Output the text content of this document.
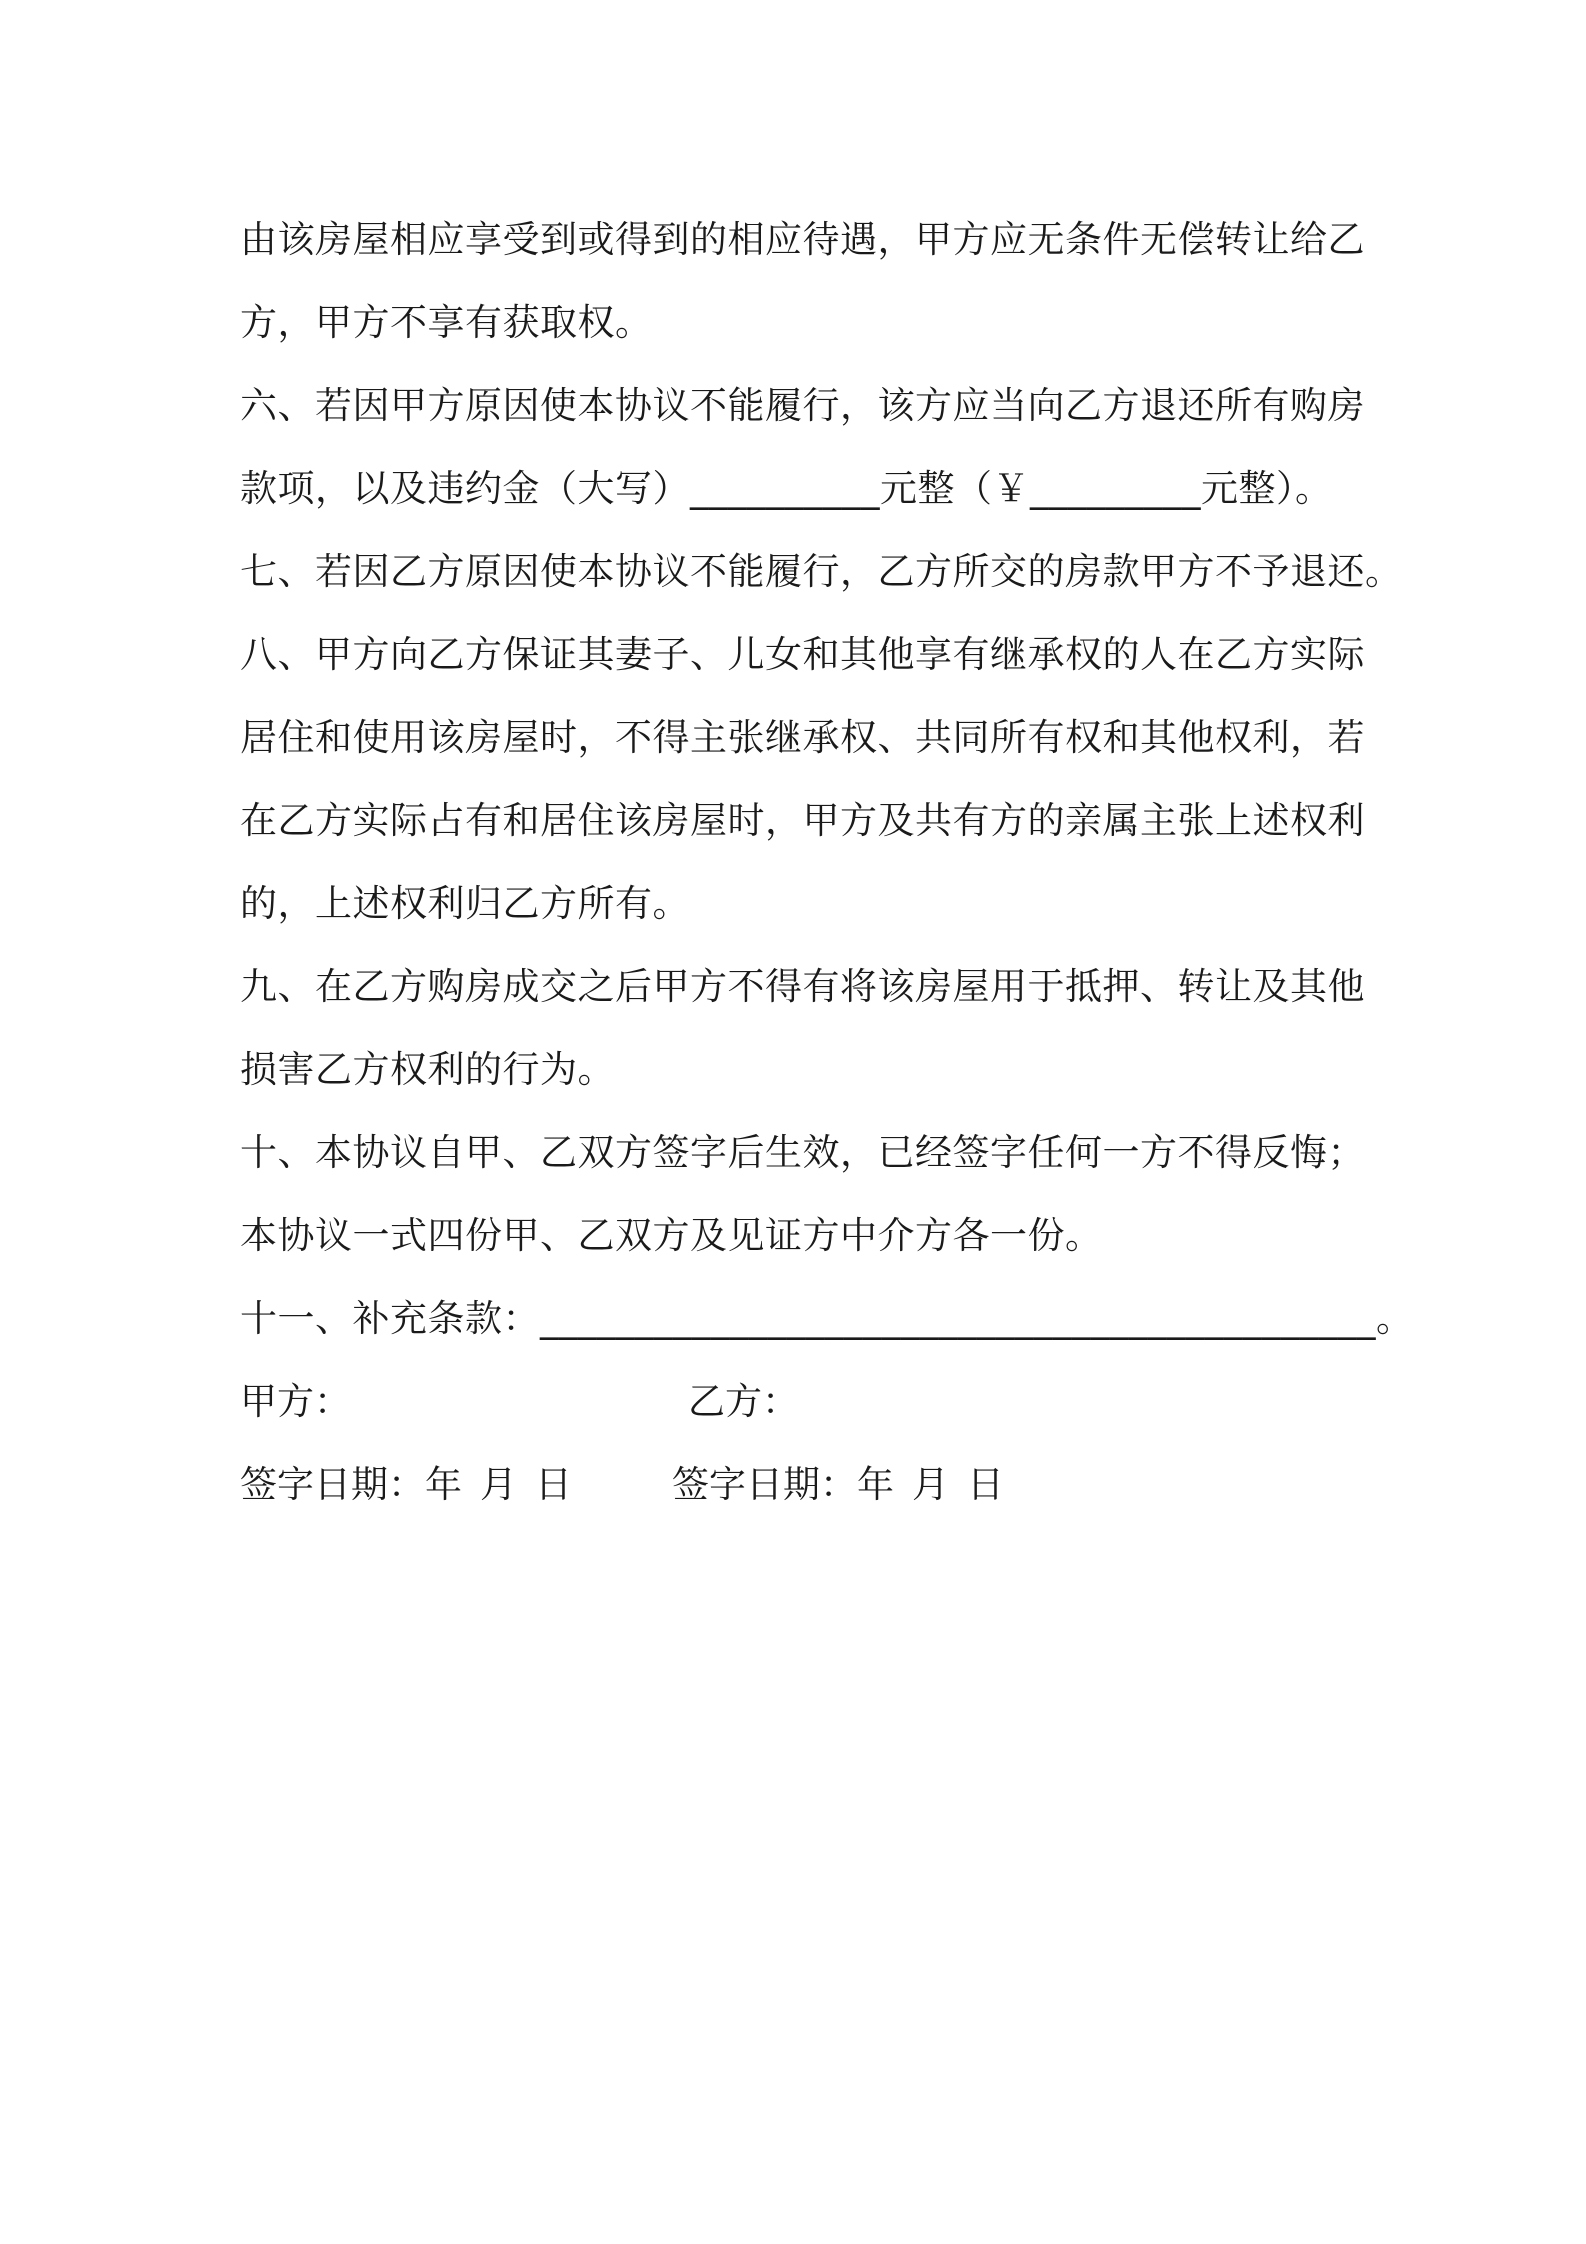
由该房屋相应享受到或得到的相应待遇，甲方应无条件无偿转让给乙
方，甲方不享有获取权。
六、若因甲方原因使本协议不能履行，该方应当向乙方退还所有购房
款项，以及违约金（大写）__________元整（￥_________元整）。
七、若因乙方原因使本协议不能履行，乙方所交的房款甲方不予退还。
八、甲方向乙方保证其妻子、儿女和其他享有继承权的人在乙方实际
居住和使用该房屋时，不得主张继承权、共同所有权和其他权利，若
在乙方实际占有和居住该房屋时，甲方及共有方的亲属主张上述权利
的，上述权利归乙方所有。
九、在乙方购房成交之后甲方不得有将该房屋用于抵押、转让及其他
损害乙方权利的行为。
十、本协议自甲、乙双方签字后生效，已经签字任何一方不得反悔；
本协议一式四份甲、乙双方及见证方中介方各一份。
十一、补充条款：____________________________________________。
甲方：	乙方：
签字日期：年 月 日	签字日期：年 月 日
